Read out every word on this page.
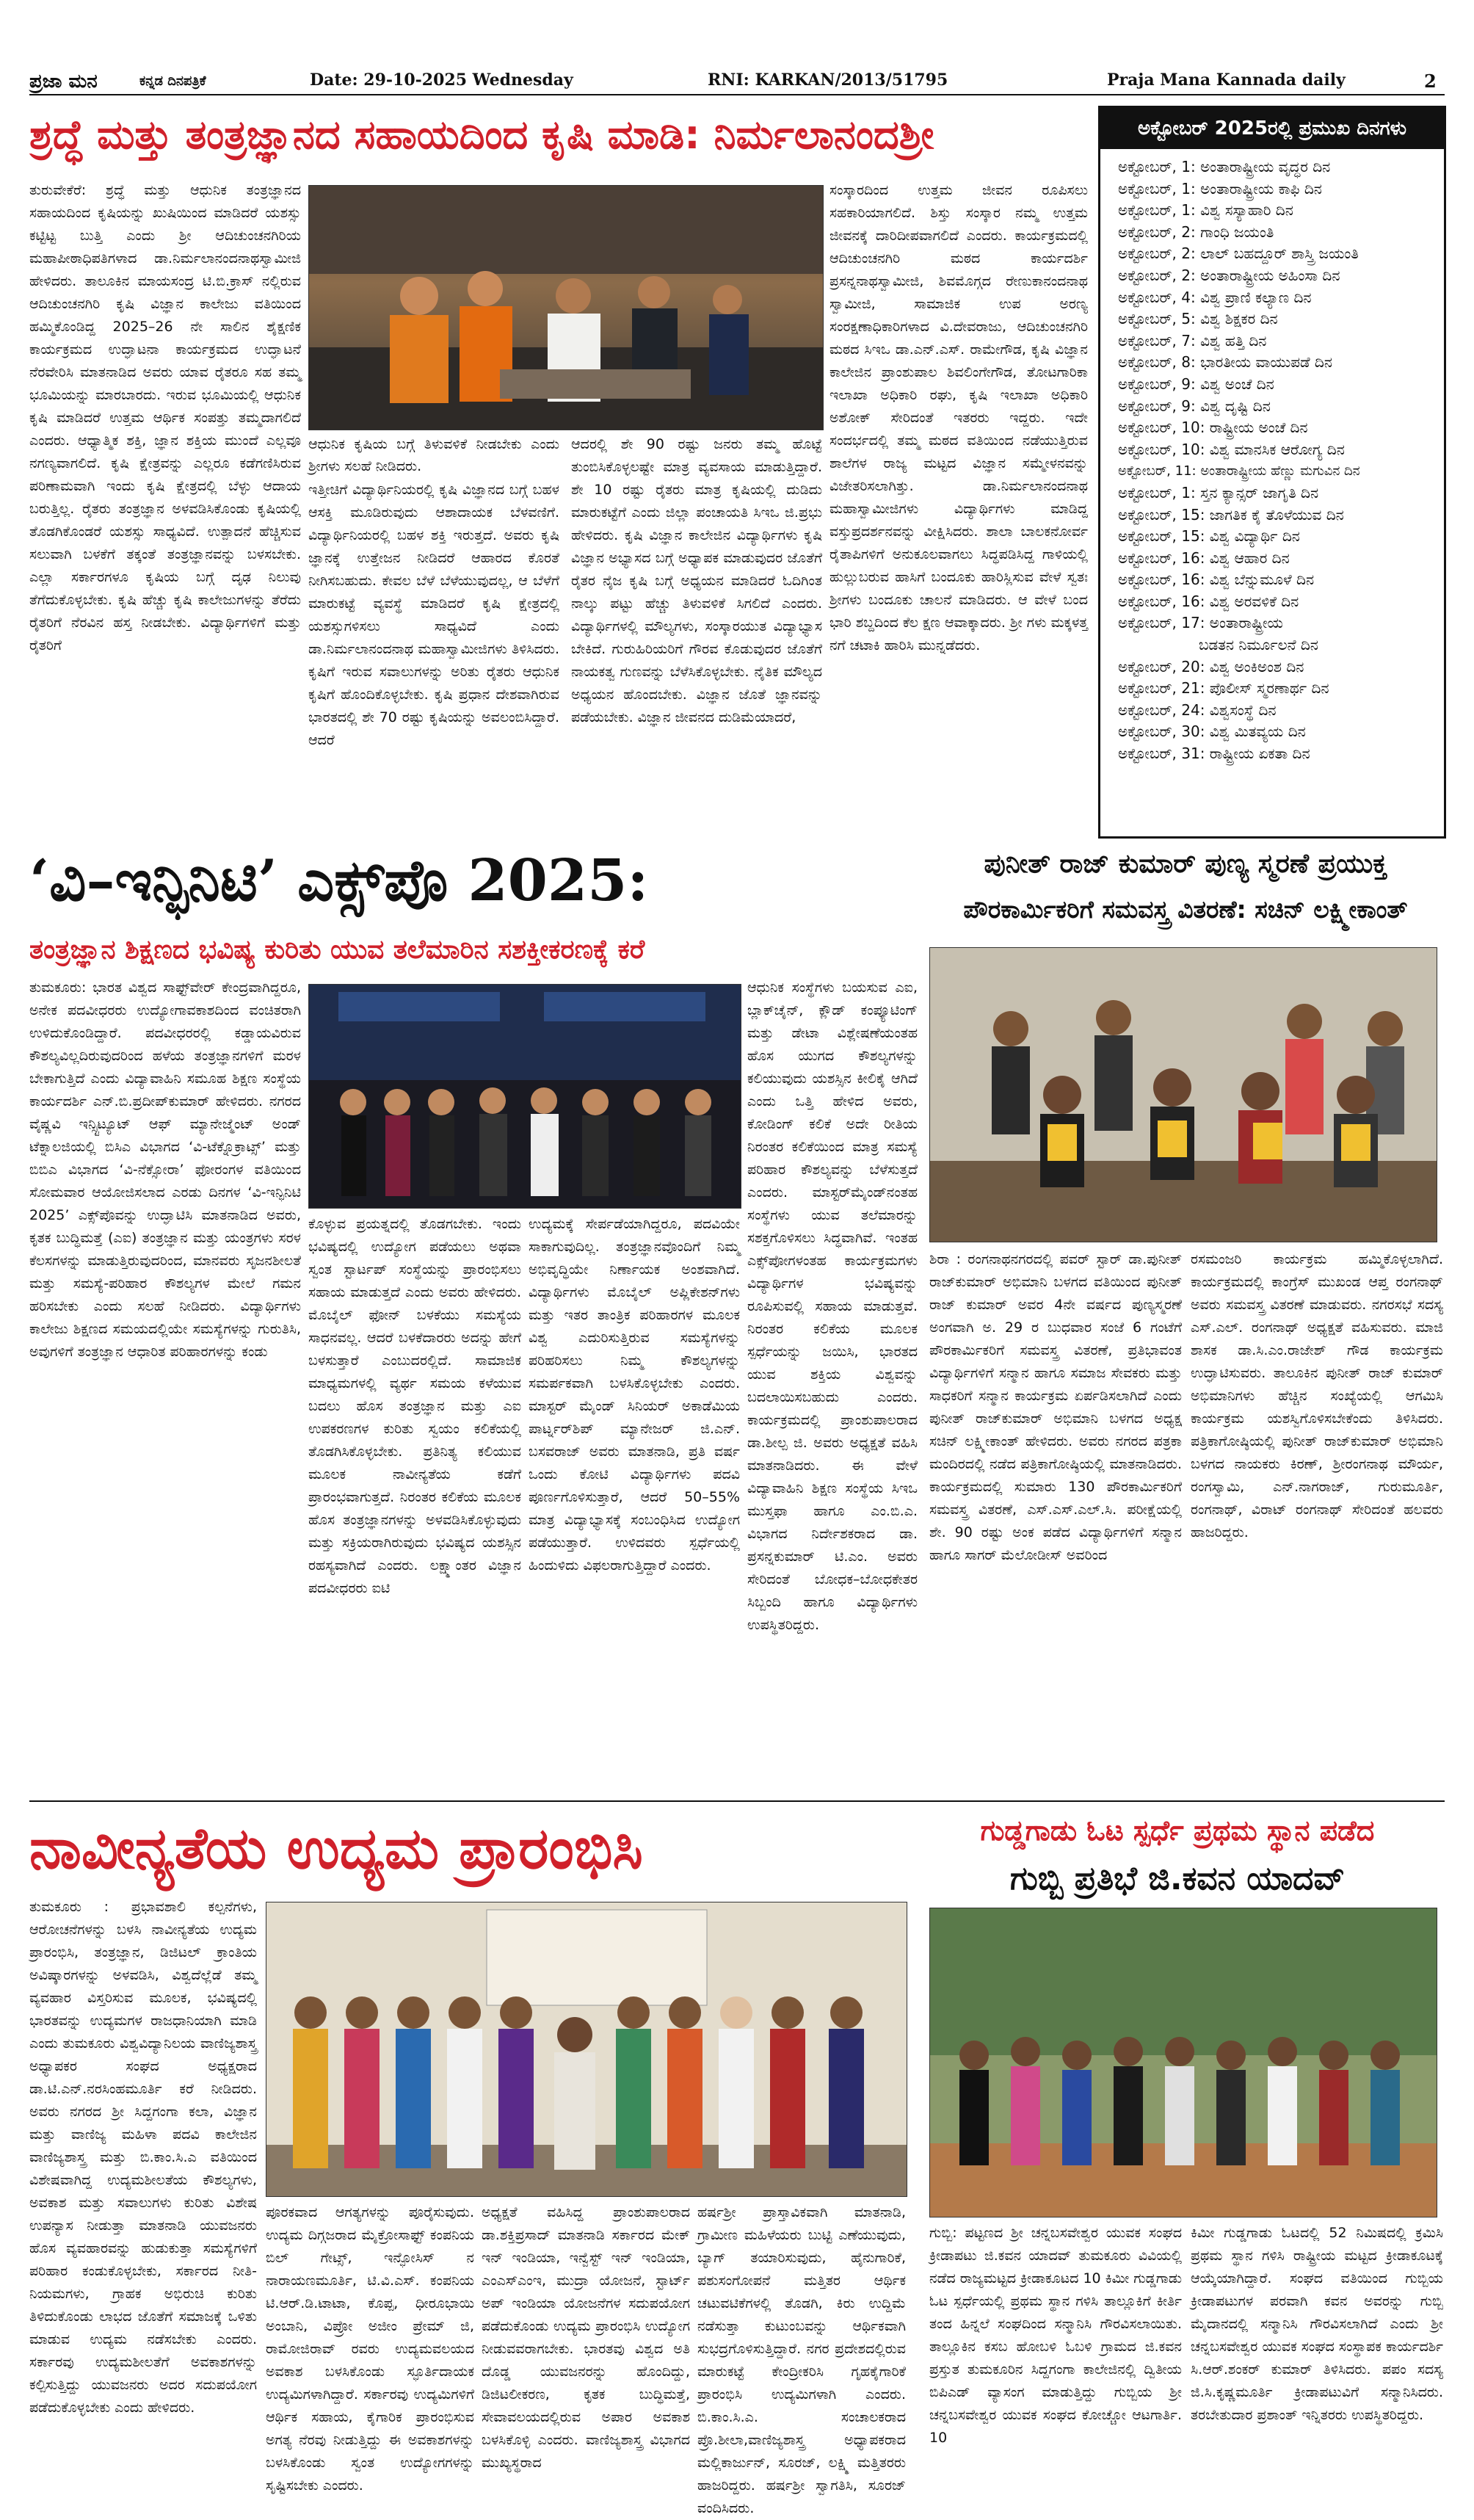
ಪ್ರಜಾ ಮನ	ಕನ್ನಡ ದಿನಪತ್ರಿಕೆ	Date: 29-10-2025 Wednesday	RNI: KARKAN/2013/51795	Praja Mana Kannada daily	2
ಶ್ರದ್ಧೆ ಮತ್ತು ತಂತ್ರಜ್ಞಾನದ ಸಹಾಯದಿಂದ ಕೃಷಿ ಮಾಡಿ: ನಿರ್ಮಲಾನಂದಶ್ರೀ
ತುರುವೇಕೆರೆ: ಶ್ರದ್ಧೆ ಮತ್ತು ಆಧುನಿಕ ತಂತ್ರಜ್ಞಾನದ ಸಹಾಯದಿಂದ ಕೃಷಿಯನ್ನು ಖುಷಿಯಿಂದ ಮಾಡಿದರೆ ಯಶಸ್ಸು ಕಟ್ಟಿಟ್ಟ ಬುತ್ತಿ ಎಂದು ಶ್ರೀ ಆದಿಚುಂಚನಗಿರಿಯ ಮಹಾಪೀಠಾಧಿಪತಿಗಳಾದ ಡಾ.ನಿರ್ಮಲಾನಂದನಾಥಸ್ವಾಮೀಜಿ ಹೇಳಿದರು. ತಾಲೂಕಿನ ಮಾಯಸಂದ್ರ ಟಿ.ಬಿ.ಕ್ರಾಸ್ ನಲ್ಲಿರುವ ಆದಿಚುಂಚನಗಿರಿ ಕೃಷಿ ವಿಜ್ಞಾನ ಕಾಲೇಜು ವತಿಯಿಂದ ಹಮ್ಮಿಕೊಂಡಿದ್ದ 2025–26 ನೇ ಸಾಲಿನ ಶೈಕ್ಷಣಿಕ ಕಾರ್ಯಕ್ರಮದ ಉದ್ಘಾಟನಾ ಕಾರ್ಯಕ್ರಮದ ಉದ್ಘಾಟನೆ ನೆರವೇರಿಸಿ ಮಾತನಾಡಿದ ಅವರು ಯಾವ ರೈತರೂ ಸಹ ತಮ್ಮ ಭೂಮಿಯನ್ನು ಮಾರಬಾರದು. ಇರುವ ಭೂಮಿಯಲ್ಲಿ ಆಧುನಿಕ ಕೃಷಿ ಮಾಡಿದರೆ ಉತ್ತಮ ಆರ್ಥಿಕ ಸಂಪತ್ತು ತಮ್ಮದಾಗಲಿದೆ ಎಂದರು. ಆಧ್ಯಾತ್ಮಿಕ ಶಕ್ತಿ, ಜ್ಞಾನ ಶಕ್ತಿಯ ಮುಂದೆ ಎಲ್ಲವೂ ನಗಣ್ಯವಾಗಲಿದೆ. ಕೃಷಿ ಕ್ಷೇತ್ರವನ್ನು ಎಲ್ಲರೂ ಕಡೆಗಣಿಸಿರುವ ಪರಿಣಾಮವಾಗಿ ಇಂದು ಕೃಷಿ ಕ್ಷೇತ್ರದಲ್ಲಿ ಬೆಳ್ಳು ಆದಾಯ ಬರುತ್ತಿಲ್ಲ. ರೈತರು ತಂತ್ರಜ್ಞಾನ ಅಳವಡಿಸಿಕೊಂಡು ಕೃಷಿಯಲ್ಲಿ ತೊಡಗಿಕೊಂಡರೆ ಯಶಸ್ಸು ಸಾಧ್ಯವಿದೆ. ಉತ್ಪಾದನೆ ಹೆಚ್ಚಿಸುವ ಸಲುವಾಗಿ ಬಳಕೆಗೆ ತಕ್ಕಂತೆ ತಂತ್ರಜ್ಞಾನವನ್ನು ಬಳಸಬೇಕು. ಎಲ್ಲಾ ಸರ್ಕಾರಗಳೂ ಕೃಷಿಯ ಬಗ್ಗೆ ದೃಢ ನಿಲುವು ತೆಗೆದುಕೊಳ್ಳಬೇಕು. ಕೃಷಿ ಹೆಚ್ಚು ಕೃಷಿ ಕಾಲೇಜುಗಳನ್ನು ತೆರೆದು ರೈತರಿಗೆ ನೆರವಿನ ಹಸ್ತ ನೀಡಬೇಕು. ವಿದ್ಯಾರ್ಥಿಗಳಿಗೆ ಮತ್ತು ರೈತರಿಗೆ
ಆಧುನಿಕ ಕೃಷಿಯ ಬಗ್ಗೆ ತಿಳುವಳಿಕೆ ನೀಡಬೇಕು ಎಂದು ಶ್ರೀಗಳು ಸಲಹೆ ನೀಡಿದರು.
ಇತ್ತೀಚಿಗೆ ವಿದ್ಯಾರ್ಥಿನಿಯರಲ್ಲಿ ಕೃಷಿ ವಿಜ್ಞಾನದ ಬಗ್ಗೆ ಬಹಳ ಆಸಕ್ತಿ ಮೂಡಿರುವುದು ಆಶಾದಾಯಕ ಬೆಳವಣಿಗೆ. ವಿದ್ಯಾರ್ಥಿನಿಯರಲ್ಲಿ ಬಹಳ ಶಕ್ತಿ ಇರುತ್ತದೆ. ಅವರು ಕೃಷಿ ಜ್ಞಾನಕ್ಕೆ ಉತ್ತೇಜನ ನೀಡಿದರೆ ಆಹಾರದ ಕೊರತೆ ನೀಗಿಸಬಹುದು. ಕೇವಲ ಬೆಳೆ ಬೆಳೆಯುವುದಲ್ಲ, ಆ ಬೆಳೆಗೆ ಮಾರುಕಟ್ಟೆ ವ್ಯವಸ್ಥೆ ಮಾಡಿದರೆ ಕೃಷಿ ಕ್ಷೇತ್ರದಲ್ಲಿ ಯಶಸ್ಸುಗಳಿಸಲು ಸಾಧ್ಯವಿದೆ ಎಂದು ಡಾ.ನಿರ್ಮಲಾನಂದನಾಥ ಮಹಾಸ್ವಾಮೀಜಿಗಳು ತಿಳಿಸಿದರು. ಕೃಷಿಗೆ ಇರುವ ಸವಾಲುಗಳನ್ನು ಅರಿತು ರೈತರು ಆಧುನಿಕ ಕೃಷಿಗೆ ಹೊಂದಿಕೊಳ್ಳಬೇಕು. ಕೃಷಿ ಪ್ರಧಾನ ದೇಶವಾಗಿರುವ ಭಾರತದಲ್ಲಿ ಶೇ 70 ರಷ್ಟು ಕೃಷಿಯನ್ನು ಅವಲಂಬಿಸಿದ್ದಾರೆ. ಆದರೆ
ಆದರಲ್ಲಿ ಶೇ 90 ರಷ್ಟು ಜನರು ತಮ್ಮ ಹೊಟ್ಟೆ ತುಂಬಿಸಿಕೊಳ್ಳಲಷ್ಟೇ ಮಾತ್ರ ವ್ಯವಸಾಯ ಮಾಡುತ್ತಿದ್ದಾರೆ. ಶೇ 10 ರಷ್ಟು ರೈತರು ಮಾತ್ರ ಕೃಷಿಯಲ್ಲಿ ದುಡಿದು ಮಾರುಕಟ್ಟೆಗೆ ಎಂದು ಜಿಲ್ಲಾ ಪಂಚಾಯತಿ ಸಿಇಒ ಜಿ.ಪ್ರಭು ಹೇಳಿದರು. ಕೃಷಿ ವಿಜ್ಞಾನ ಕಾಲೇಜಿನ ವಿದ್ಯಾರ್ಥಿಗಳು ಕೃಷಿ ವಿಜ್ಞಾನ ಅಭ್ಯಾಸದ ಬಗ್ಗೆ ಅಧ್ಯಾಪಕ ಮಾಡುವುದರ ಜೊತೆಗೆ ರೈತರ ನೈಜ ಕೃಷಿ ಬಗ್ಗೆ ಅಧ್ಯಯನ ಮಾಡಿದರೆ ಓದಿಗಿಂತ ನಾಲ್ಕು ಪಟ್ಟು ಹೆಚ್ಚು ತಿಳುವಳಿಕೆ ಸಿಗಲಿದೆ ಎಂದರು. ವಿದ್ಯಾರ್ಥಿಗಳಲ್ಲಿ ಮೌಲ್ಯಗಳು, ಸಂಸ್ಕಾರಯುತ ವಿದ್ಯಾಭ್ಯಾಸ ಬೇಕಿದೆ. ಗುರುಹಿರಿಯರಿಗೆ ಗೌರವ ಕೊಡುವುದರ ಜೊತೆಗೆ ನಾಯಕತ್ವ ಗುಣವನ್ನು ಬೆಳೆಸಿಕೊಳ್ಳಬೇಕು. ನೈತಿಕ ಮೌಲ್ಯದ ಅಧ್ಯಯನ ಹೊಂದಬೇಕು. ವಿಜ್ಞಾನ ಜೊತೆ ಜ್ಞಾನವನ್ನು ಪಡೆಯಬೇಕು. ವಿಜ್ಞಾನ ಜೀವನದ ದುಡಿಮೆಯಾದರೆ,
ಸಂಸ್ಕಾರದಿಂದ ಉತ್ತಮ ಜೀವನ ರೂಪಿಸಲು ಸಹಕಾರಿಯಾಗಲಿದೆ. ಶಿಸ್ತು ಸಂಸ್ಕಾರ ನಮ್ಮ ಉತ್ತಮ ಜೀವನಕ್ಕೆ ದಾರಿದೀಪವಾಗಲಿದೆ ಎಂದರು. ಕಾರ್ಯಕ್ರಮದಲ್ಲಿ ಆದಿಚುಂಚನಗಿರಿ ಮಠದ ಕಾರ್ಯದರ್ಶಿ ಪ್ರಸನ್ನನಾಥಸ್ವಾಮೀಜಿ, ಶಿವಮೊಗ್ಗದ ರೇಣುಕಾನಂದನಾಥ ಸ್ವಾಮೀಜಿ, ಸಾಮಾಜಿಕ ಉಪ ಅರಣ್ಯ ಸಂರಕ್ಷಣಾಧಿಕಾರಿಗಳಾದ ವಿ.ದೇವರಾಜು, ಆದಿಚುಂಚನಗಿರಿ ಮಠದ ಸಿಇಒ ಡಾ.ಎನ್.ಎಸ್. ರಾಮೇಗೌಡ, ಕೃಷಿ ವಿಜ್ಞಾನ ಕಾಲೇಜಿನ ಪ್ರಾಂಶುಪಾಲ ಶಿವಲಿಂಗೇಗೌಡ, ತೋಟಗಾರಿಕಾ ಇಲಾಖಾ ಅಧಿಕಾರಿ ರಘು, ಕೃಷಿ ಇಲಾಖಾ ಅಧಿಕಾರಿ ಅಶೋಕ್ ಸೇರಿದಂತೆ ಇತರರು ಇದ್ದರು. ಇದೇ ಸಂದರ್ಭದಲ್ಲಿ ತಮ್ಮ ಮಠದ ವತಿಯಿಂದ ನಡೆಯುತ್ತಿರುವ ಶಾಲೆಗಳ ರಾಜ್ಯ ಮಟ್ಟದ ವಿಜ್ಞಾನ ಸಮ್ಮೇಳನವನ್ನು ವಿಜೇತರಿಸಲಾಗಿತ್ತು. ಡಾ.ನಿರ್ಮಲಾನಂದನಾಥ ಮಹಾಸ್ವಾಮೀಜಿಗಳು ವಿದ್ಯಾರ್ಥಿಗಳು ಮಾಡಿದ್ದ ವಸ್ತುಪ್ರದರ್ಶನವನ್ನು ವೀಕ್ಷಿಸಿದರು. ಶಾಲಾ ಬಾಲಕನೋರ್ವ ರೈತಾಪಿಗಳಿಗೆ ಅನುಕೂಲವಾಗಲು ಸಿದ್ಧಪಡಿಸಿದ್ದ ಗಾಳಿಯಲ್ಲಿ ಹುಲ್ಲುಬರುವ ಹಾಸಿಗೆ ಬಂದೂಕು ಹಾರಿಸ್ಲಿಸುವ ವೇಳೆ ಸ್ವತಃ ಶ್ರೀಗಳು ಬಂದೂಕು ಚಾಲನೆ ಮಾಡಿದರು. ಆ ವೇಳೆ ಬಂದ ಭಾರಿ ಶಬ್ದದಿಂದ ಕೆಲ ಕ್ಷಣ ಆವಾಕ್ಕಾದರು. ಶ್ರೀ ಗಳು ಮಕ್ಕಳತ್ತ ನಗೆ ಚಟಾಕಿ ಹಾರಿಸಿ ಮುನ್ನಡೆದರು.
ಅಕ್ಟೋಬರ್ 2025ರಲ್ಲಿ ಪ್ರಮುಖ ದಿನಗಳು
ಅಕ್ಟೋಬರ್, 1: ಅಂತಾರಾಷ್ಟ್ರೀಯ ವೃದ್ಧರ ದಿನ
ಅಕ್ಟೋಬರ್, 1: ಅಂತಾರಾಷ್ಟ್ರೀಯ ಕಾಫಿ ದಿನ
ಅಕ್ಟೋಬರ್, 1: ವಿಶ್ವ ಸಸ್ಯಾಹಾರಿ ದಿನ
ಅಕ್ಟೋಬರ್, 2: ಗಾಂಧಿ ಜಯಂತಿ
ಅಕ್ಟೋಬರ್, 2: ಲಾಲ್ ಬಹದ್ದೂರ್ ಶಾಸ್ತ್ರಿ ಜಯಂತಿ
ಅಕ್ಟೋಬರ್, 2: ಅಂತಾರಾಷ್ಟ್ರೀಯ ಅಹಿಂಸಾ ದಿನ
ಅಕ್ಟೋಬರ್, 4: ವಿಶ್ವ ಪ್ರಾಣಿ ಕಲ್ಯಾಣ ದಿನ
ಅಕ್ಟೋಬರ್, 5: ವಿಶ್ವ ಶಿಕ್ಷಕರ ದಿನ
ಅಕ್ಟೋಬರ್, 7: ವಿಶ್ವ ಹತ್ತಿ ದಿನ
ಅಕ್ಟೋಬರ್, 8: ಭಾರತೀಯ ವಾಯುಪಡೆ ದಿನ
ಅಕ್ಟೋಬರ್, 9: ವಿಶ್ವ ಅಂಚೆ ದಿನ
ಅಕ್ಟೋಬರ್, 9: ವಿಶ್ವ ದೃಷ್ಟಿ ದಿನ
ಅಕ್ಟೋಬರ್, 10: ರಾಷ್ಟ್ರೀಯ ಅಂಚೆ ದಿನ
ಅಕ್ಟೋಬರ್, 10: ವಿಶ್ವ ಮಾನಸಿಕ ಆರೋಗ್ಯ ದಿನ
ಅಕ್ಟೋಬರ್, 11: ಅಂತಾರಾಷ್ಟ್ರೀಯ ಹೆಣ್ಣು ಮಗುವಿನ ದಿನ
ಅಕ್ಟೋಬರ್, 1: ಸ್ತನ ಕ್ಯಾನ್ಸರ್ ಜಾಗೃತಿ ದಿನ
ಅಕ್ಟೋಬರ್, 15: ಜಾಗತಿಕ ಕೈ ತೊಳೆಯುವ ದಿನ
ಅಕ್ಟೋಬರ್, 15: ವಿಶ್ವ ವಿದ್ಯಾರ್ಥಿ ದಿನ
ಅಕ್ಟೋಬರ್, 16: ವಿಶ್ವ ಆಹಾರ ದಿನ
ಅಕ್ಟೋಬರ್, 16: ವಿಶ್ವ ಬೆನ್ನುಮೂಳೆ ದಿನ
ಅಕ್ಟೋಬರ್, 16: ವಿಶ್ವ ಅರವಳಿಕೆ ದಿನ
ಅಕ್ಟೋಬರ್, 17: ಅಂತಾರಾಷ್ಟ್ರೀಯ
ಬಡತನ ನಿರ್ಮೂಲನೆ ದಿನ
ಅಕ್ಟೋಬರ್, 20: ವಿಶ್ವ ಅಂಕಿಅಂಶ ದಿನ
ಅಕ್ಟೋಬರ್, 21: ಪೊಲೀಸ್ ಸ್ಮರಣಾರ್ಥ ದಿನ
ಅಕ್ಟೋಬರ್, 24: ವಿಶ್ವಸಂಸ್ಥೆ ದಿನ
ಅಕ್ಟೋಬರ್, 30: ವಿಶ್ವ ಮಿತವ್ಯಯ ದಿನ
ಅಕ್ಟೋಬರ್, 31: ರಾಷ್ಟ್ರೀಯ ಏಕತಾ ದಿನ
‘ವಿ–ಇನ್ಫಿನಿಟಿ’ ಎಕ್ಸ್‌ಪೊ 2025:
ತಂತ್ರಜ್ಞಾನ ಶಿಕ್ಷಣದ ಭವಿಷ್ಯ ಕುರಿತು ಯುವ ತಲೆಮಾರಿನ ಸಶಕ್ತೀಕರಣಕ್ಕೆ ಕರೆ
ತುಮಕೂರು: ಭಾರತ ವಿಶ್ವದ ಸಾಫ್ಟ್‌ವೇರ್ ಕೇಂದ್ರವಾಗಿದ್ದರೂ, ಅನೇಕ ಪದವೀಧರರು ಉದ್ಯೋಗಾವಕಾಶದಿಂದ ವಂಚಿತರಾಗಿ ಉಳಿದುಕೊಂಡಿದ್ದಾರೆ. ಪದವೀಧರರಲ್ಲಿ ಕಡ್ಡಾಯವಿರುವ ಕೌಶಲ್ಯವಿಲ್ಲದಿರುವುದರಿಂದ ಹಳೆಯ ತಂತ್ರಜ್ಞಾನಗಳಿಗೆ ಮರಳ ಬೇಕಾಗುತ್ತಿದೆ ಎಂದು ವಿದ್ಯಾವಾಹಿನಿ ಸಮೂಹ ಶಿಕ್ಷಣ ಸಂಸ್ಥೆಯ ಕಾರ್ಯದರ್ಶಿ ಎನ್.ಬಿ.ಪ್ರದೀಪ್‌ಕುಮಾರ್ ಹೇಳಿದರು. ನಗರದ ವೈಷ್ಣವಿ ಇನ್ಸ್ಟಿಟ್ಯೂಟ್ ಆಫ್ ಮ್ಯಾನೇಜ್ಮೆಂಟ್ ಅಂಡ್ ಟೆಕ್ನಾಲಜಿಯಲ್ಲಿ ಬಿಸಿಎ ವಿಭಾಗದ ‘ವಿ-ಟೆಕ್ನೊಕ್ರಾಟ್ಸ್’ ಮತ್ತು ಬಿಬಿಎ ವಿಭಾಗದ ‘ವಿ-ನೆಕ್ಸೋರಾ’ ಫೋರಂಗಳ ವತಿಯಿಂದ ಸೋಮವಾರ ಆಯೋಜಿಸಲಾದ ಎರಡು ದಿನಗಳ ‘ವಿ-ಇನ್ಫಿನಿಟಿ 2025’ ಎಕ್ಸ್‌ಪೊವನ್ನು ಉದ್ಘಾಟಿಸಿ ಮಾತನಾಡಿದ ಅವರು, ಕೃತಕ ಬುದ್ಧಿಮತ್ತೆ (ಎಐ) ತಂತ್ರಜ್ಞಾನ ಮತ್ತು ಯಂತ್ರಗಳು ಸರಳ ಕೆಲಸಗಳನ್ನು ಮಾಡುತ್ತಿರುವುದರಿಂದ, ಮಾನವರು ಸೃಜನಶೀಲತೆ ಮತ್ತು ಸಮಸ್ಯೆ-ಪರಿಹಾರ ಕೌಶಲ್ಯಗಳ ಮೇಲೆ ಗಮನ ಹರಿಸಬೇಕು ಎಂದು ಸಲಹೆ ನೀಡಿದರು. ವಿದ್ಯಾರ್ಥಿಗಳು ಕಾಲೇಜು ಶಿಕ್ಷಣದ ಸಮಯದಲ್ಲಿಯೇ ಸಮಸ್ಯೆಗಳನ್ನು ಗುರುತಿಸಿ, ಅವುಗಳಿಗೆ ತಂತ್ರಜ್ಞಾನ ಆಧಾರಿತ ಪರಿಹಾರಗಳನ್ನು ಕಂಡು
ಕೊಳ್ಳುವ ಪ್ರಯತ್ನದಲ್ಲಿ ತೊಡಗಬೇಕು. ಇಂದು ಭವಿಷ್ಯದಲ್ಲಿ ಉದ್ಯೋಗ ಪಡೆಯಲು ಅಥವಾ ಸ್ವಂತ ಸ್ಟಾರ್ಟಪ್ ಸಂಸ್ಥೆಯನ್ನು ಪ್ರಾರಂಭಿಸಲು ಸಹಾಯ ಮಾಡುತ್ತದೆ ಎಂದು ಅವರು ಹೇಳಿದರು. ಮೊಬೈಲ್ ಫೋನ್ ಬಳಕೆಯು ಸಮಸ್ಯೆಯ ಸಾಧನವಲ್ಲ. ಆದರೆ ಬಳಕೆದಾರರು ಅದನ್ನು ಹೇಗೆ ಬಳಸುತ್ತಾರೆ ಎಂಬುದರಲ್ಲಿದೆ. ಸಾಮಾಜಿಕ ಮಾಧ್ಯಮಗಳಲ್ಲಿ ವ್ಯರ್ಥ ಸಮಯ ಕಳೆಯುವ ಬದಲು ಹೊಸ ತಂತ್ರಜ್ಞಾನ ಮತ್ತು ಎಐ ಉಪಕರಣಗಳ ಕುರಿತು ಸ್ವಯಂ ಕಲಿಕೆಯಲ್ಲಿ ತೊಡಗಿಸಿಕೊಳ್ಳಬೇಕು. ಪ್ರತಿನಿತ್ಯ ಕಲಿಯುವ ಮೂಲಕ ನಾವೀನ್ಯತೆಯ ಕಡೆಗೆ ಪ್ರಾರಂಭವಾಗುತ್ತದೆ. ನಿರಂತರ ಕಲಿಕೆಯ ಮೂಲಕ ಹೊಸ ತಂತ್ರಜ್ಞಾನಗಳನ್ನು ಅಳವಡಿಸಿಕೊಳ್ಳುವುದು ಮತ್ತು ಸಕ್ರಿಯರಾಗಿರುವುದು ಭವಿಷ್ಯದ ಯಶಸ್ಸಿನ ರಹಸ್ಯವಾಗಿದೆ ಎಂದರು. ಲಕ್ಷ್ಮಾಂತರ ವಿಜ್ಞಾನ ಪದವೀಧರರು ಐಟಿ
ಉದ್ಯಮಕ್ಕೆ ಸೇರ್ಪಡೆಯಾಗಿದ್ದರೂ, ಪದವಿಯೇ ಸಾಕಾಗುವುದಿಲ್ಲ. ತಂತ್ರಜ್ಞಾನವೊಂದಿಗೆ ನಿಮ್ಮ ಅಭಿವೃದ್ಧಿಯೇ ನಿರ್ಣಾಯಕ ಅಂಶವಾಗಿದೆ. ವಿದ್ಯಾರ್ಥಿಗಳು ಮೊಬೈಲ್ ಅಪ್ಲಿಕೇಶನ್‌ಗಳು ಮತ್ತು ಇತರ ತಾಂತ್ರಿಕ ಪರಿಹಾರಗಳ ಮೂಲಕ ವಿಶ್ವ ಎದುರಿಸುತ್ತಿರುವ ಸಮಸ್ಯೆಗಳನ್ನು ಪರಿಹರಿಸಲು ನಿಮ್ಮ ಕೌಶಲ್ಯಗಳನ್ನು ಸಮರ್ಪಕವಾಗಿ ಬಳಸಿಕೊಳ್ಳಬೇಕು ಎಂದರು. ಮಾಸ್ಟರ್ ಮೈಂಡ್ ಸಿನಿಯರ್ ಅಕಾಡೆಮಿಯ ಪಾರ್ಟ್ನರ್‌ಶಿಪ್ ಮ್ಯಾನೇಜರ್ ಜಿ.ಎನ್. ಬಸವರಾಜ್ ಅವರು ಮಾತನಾಡಿ, ಪ್ರತಿ ವರ್ಷ ಒಂದು ಕೋಟಿ ವಿದ್ಯಾರ್ಥಿಗಳು ಪದವಿ ಪೂರ್ಣಗೊಳಿಸುತ್ತಾರೆ, ಆದರೆ 50–55% ಮಾತ್ರ ವಿದ್ಯಾಭ್ಯಾಸಕ್ಕೆ ಸಂಬಂಧಿಸಿದ ಉದ್ಯೋಗ ಪಡೆಯುತ್ತಾರೆ. ಉಳಿದವರು ಸ್ಪರ್ಧೆಯಲ್ಲಿ ಹಿಂದುಳಿದು ವಿಫಲರಾಗುತ್ತಿದ್ದಾರೆ ಎಂದರು.
ಆಧುನಿಕ ಸಂಸ್ಥೆಗಳು ಬಯಸುವ ಎಐ, ಬ್ಲಾಕ್‌ಚೈನ್, ಕ್ಲೌಡ್ ಕಂಪ್ಯೂಟಿಂಗ್ ಮತ್ತು ಡೇಟಾ ವಿಶ್ಲೇಷಣೆಯಂತಹ ಹೊಸ ಯುಗದ ಕೌಶಲ್ಯಗಳನ್ನು ಕಲಿಯುವುದು ಯಶಸ್ಸಿನ ಕೀಲಿಕೈ ಆಗಿದೆ ಎಂದು ಒತ್ತಿ ಹೇಳಿದ ಅವರು, ಕೋಡಿಂಗ್ ಕಲಿಕೆ ಅದೇ ರೀತಿಯ ನಿರಂತರ ಕಲಿಕೆಯಿಂದ ಮಾತ್ರ ಸಮಸ್ಯೆ ಪರಿಹಾರ ಕೌಶಲ್ಯವನ್ನು ಬೆಳೆಸುತ್ತದೆ ಎಂದರು. ಮಾಸ್ಟರ್‌ಮೈಂಡ್‌ನಂತಹ ಸಂಸ್ಥೆಗಳು ಯುವ ತಲೆಮಾರನ್ನು ಸಶಕ್ತಗೊಳಿಸಲು ಸಿದ್ಧವಾಗಿವೆ. ಇಂತಹ ಎಕ್ಸ್‌ಪೋಗಳಂತಹ ಕಾರ್ಯಕ್ರಮಗಳು ವಿದ್ಯಾರ್ಥಿಗಳ ಭವಿಷ್ಯವನ್ನು ರೂಪಿಸುವಲ್ಲಿ ಸಹಾಯ ಮಾಡುತ್ತವೆ. ನಿರಂತರ ಕಲಿಕೆಯ ಮೂಲಕ ಸ್ಪರ್ಧೆಯನ್ನು ಜಯಿಸಿ, ಭಾರತದ ಯುವ ಶಕ್ತಿಯ ವಿಶ್ವವನ್ನು ಬದಲಾಯಿಸಬಹುದು ಎಂದರು. ಕಾರ್ಯಕ್ರಮದಲ್ಲಿ ಪ್ರಾಂಶುಪಾಲರಾದ ಡಾ.ಶೀಲ್ಪ ಜಿ. ಅವರು ಅಧ್ಯಕ್ಷತೆ ವಹಿಸಿ ಮಾತನಾಡಿದರು. ಈ ವೇಳೆ ವಿದ್ಯಾವಾಹಿನಿ ಶಿಕ್ಷಣ ಸಂಸ್ಥೆಯ ಸಿಇಒ ಮುಸ್ತಫಾ ಹಾಗೂ ಎಂ.ಬಿ.ಎ. ವಿಭಾಗದ ನಿರ್ದೇಶಕರಾದ ಡಾ. ಪ್ರಸನ್ನಕುಮಾರ್ ಟಿ.ಎಂ. ಅವರು ಸೇರಿದಂತೆ ಬೋಧಕ–ಬೋಧಕೇತರ ಸಿಬ್ಬಂದಿ ಹಾಗೂ ವಿದ್ಯಾರ್ಥಿಗಳು ಉಪಸ್ಥಿತರಿದ್ದರು.
ಪುನೀತ್ ರಾಜ್ ಕುಮಾರ್ ಪುಣ್ಯ ಸ್ಮರಣೆ ಪ್ರಯುಕ್ತ
ಪೌರಕಾರ್ಮಿಕರಿಗೆ ಸಮವಸ್ತ್ರ ವಿತರಣೆ: ಸಚಿನ್ ಲಕ್ಷ್ಮೀಕಾಂತ್
ಶಿರಾ : ರಂಗನಾಥನಗರದಲ್ಲಿ ಪವರ್ ಸ್ಟಾರ್ ಡಾ.ಪುನೀತ್ ರಾಜ್‌ಕುಮಾರ್ ಅಭಿಮಾನಿ ಬಳಗದ ವತಿಯಿಂದ ಪುನೀತ್ ರಾಜ್ ಕುಮಾರ್ ಅವರ 4ನೇ ವರ್ಷದ ಪುಣ್ಯಸ್ಮರಣೆ ಅಂಗವಾಗಿ ಅ. 29 ರ ಬುಧವಾರ ಸಂಜೆ 6 ಗಂಟೆಗೆ ಪೌರಕಾರ್ಮಿಕರಿಗೆ ಸಮವಸ್ತ್ರ ವಿತರಣೆ, ಪ್ರತಿಭಾವಂತ ವಿದ್ಯಾರ್ಥಿಗಳಿಗೆ ಸನ್ಮಾನ ಹಾಗೂ ಸಮಾಜ ಸೇವಕರು ಮತ್ತು ಸಾಧಕರಿಗೆ ಸನ್ಮಾನ ಕಾರ್ಯಕ್ರಮ ಏರ್ಪಡಿಸಲಾಗಿದೆ ಎಂದು ಪುನೀತ್ ರಾಜ್‌ಕುಮಾರ್ ಅಭಿಮಾನಿ ಬಳಗದ ಅಧ್ಯಕ್ಷ ಸಚಿನ್ ಲಕ್ಷ್ಮೀಕಾಂತ್ ಹೇಳಿದರು. ಅವರು ನಗರದ ಪತ್ರಕಾ ಮಂದಿರದಲ್ಲಿ ನಡೆದ ಪತ್ರಿಕಾಗೋಷ್ಠಿಯಲ್ಲಿ ಮಾತನಾಡಿದರು. ಕಾರ್ಯಕ್ರಮದಲ್ಲಿ ಸುಮಾರು 130 ಪೌರಕಾರ್ಮಿಕರಿಗೆ ಸಮವಸ್ತ್ರ ವಿತರಣೆ, ಎಸ್.ಎಸ್.ಎಲ್.ಸಿ. ಪರೀಕ್ಷೆಯಲ್ಲಿ ಶೇ. 90 ರಷ್ಟು ಅಂಕ ಪಡೆದ ವಿದ್ಯಾರ್ಥಿಗಳಿಗೆ ಸನ್ಮಾನ ಹಾಗೂ ಸಾಗರ್ ಮೆಲೋಡೀಸ್ ಅವರಿಂದ
ರಸಮಂಜರಿ ಕಾರ್ಯಕ್ರಮ ಹಮ್ಮಿಕೊಳ್ಳಲಾಗಿದೆ. ಕಾರ್ಯಕ್ರಮದಲ್ಲಿ ಕಾಂಗ್ರೆಸ್ ಮುಖಂಡ ಆಪ್ತ ರಂಗನಾಥ್ ಅವರು ಸಮವಸ್ತ್ರ ವಿತರಣೆ ಮಾಡುವರು. ನಗರಸಭೆ ಸದಸ್ಯ ಎಸ್.ಎಲ್. ರಂಗನಾಥ್ ಅಧ್ಯಕ್ಷತೆ ವಹಿಸುವರು. ಮಾಜಿ ಶಾಸಕ ಡಾ.ಸಿ.ಎಂ.ರಾಜೇಶ್ ಗೌಡ ಕಾರ್ಯಕ್ರಮ ಉದ್ಘಾಟಿಸುವರು. ತಾಲೂಕಿನ ಪುನೀತ್ ರಾಜ್ ಕುಮಾರ್ ಅಭಿಮಾನಿಗಳು ಹೆಚ್ಚಿನ ಸಂಖ್ಯೆಯಲ್ಲಿ ಆಗಮಿಸಿ ಕಾರ್ಯಕ್ರಮ ಯಶಸ್ವಿಗೊಳಿಸಬೇಕೆಂದು ತಿಳಿಸಿದರು. ಪತ್ರಿಕಾಗೋಷ್ಠಿಯಲ್ಲಿ ಪುನೀತ್ ರಾಜ್‌ಕುಮಾರ್ ಅಭಿಮಾನಿ ಬಳಗದ ನಾಯಕರು ಕಿರಣ್, ಶ್ರೀರಂಗನಾಥ ಮೌರ್ಯ, ರಂಗಸ್ವಾಮಿ, ಎನ್.ನಾಗರಾಜ್, ಗುರುಮೂರ್ತಿ, ರಂಗನಾಥ್, ವಿರಾಟ್ ರಂಗನಾಥ್ ಸೇರಿದಂತೆ ಹಲವರು ಹಾಜರಿದ್ದರು.
ನಾವೀನ್ಯತೆಯ ಉದ್ಯಮ ಪ್ರಾರಂಭಿಸಿ
ತುಮಕೂರು : ಪ್ರಭಾವಶಾಲಿ ಕಲ್ಪನೆಗಳು, ಆರೋಚನೆಗಳನ್ನು ಬಳಸಿ ನಾವೀನ್ಯತೆಯ ಉದ್ಯಮ ಪ್ರಾರಂಭಿಸಿ, ತಂತ್ರಜ್ಞಾನ, ಡಿಜಿಟಲ್ ಕ್ರಾಂತಿಯ ಅವಿಷ್ಕಾರಗಳನ್ನು ಅಳವಡಿಸಿ, ವಿಶ್ವದೆಲ್ಲೆಡೆ ತಮ್ಮ ವ್ಯವಹಾರ ವಿಸ್ತರಿಸುವ ಮೂಲಕ, ಭವಿಷ್ಯದಲ್ಲಿ ಭಾರತವನ್ನು ಉದ್ಯಮಗಳ ರಾಜಧಾನಿಯಾಗಿ ಮಾಡಿ ಎಂದು ತುಮಕೂರು ವಿಶ್ವವಿದ್ಯಾನಿಲಯ ವಾಣಿಜ್ಯಶಾಸ್ತ್ರ ಅಧ್ಯಾಪಕರ ಸಂಘದ ಅಧ್ಯಕ್ಷರಾದ ಡಾ.ಟಿ.ಎನ್.ನರಸಿಂಹಮೂರ್ತಿ ಕರೆ ನೀಡಿದರು. ಅವರು ನಗರದ ಶ್ರೀ ಸಿದ್ದಗಂಗಾ ಕಲಾ, ವಿಜ್ಞಾನ ಮತ್ತು ವಾಣಿಜ್ಯ ಮಹಿಳಾ ಪದವಿ ಕಾಲೇಜಿನ ವಾಣಿಜ್ಯಶಾಸ್ತ್ರ ಮತ್ತು ಬಿ.ಕಾಂ.ಸಿ.ಎ ವತಿಯಿಂದ ವಿಶೇಷವಾಗಿದ್ದ ಉದ್ಯಮಶೀಲತೆಯ ಕೌಶಲ್ಯಗಳು, ಅವಕಾಶ ಮತ್ತು ಸವಾಲುಗಳು ಕುರಿತು ವಿಶೇಷ ಉಪನ್ಯಾಸ ನೀಡುತ್ತಾ ಮಾತನಾಡಿ ಯುವಜನರು ಹೊಸ ವ್ಯವಹಾರವನ್ನು ಹುಡುಕುತ್ತಾ ಸಮಸ್ಯೆಗಳಿಗೆ ಪರಿಹಾರ ಕಂಡುಕೊಳ್ಳಬೇಕು, ಸರ್ಕಾರದ ನೀತಿ-ನಿಯಮಗಳು, ಗ್ರಾಹಕ ಅಭಿರುಚಿ ಕುರಿತು ತಿಳಿದುಕೊಂಡು ಲಾಭದ ಜೊತೆಗೆ ಸಮಾಜಕ್ಕೆ ಒಳಿತು ಮಾಡುವ ಉದ್ಯಮ ನಡೆಸಬೇಕು ಎಂದರು. ಸರ್ಕಾರವು ಉದ್ಯಮಶೀಲತೆಗೆ ಅವಕಾಶಗಳನ್ನು ಕಲ್ಪಿಸುತ್ತಿದ್ದು ಯುವಜನರು ಅದರ ಸದುಪಯೋಗ ಪಡೆದುಕೊಳ್ಳಬೇಕು ಎಂದು ಹೇಳಿದರು.
ಪೂರಕವಾದ ಆಗತ್ಯಗಳನ್ನು ಪೂರೈಸುವುದು. ಉದ್ಯಮ ದಿಗ್ಗಜರಾದ ಮೈಕ್ರೋಸಾಫ್ಟ್ ಕಂಪನಿಯ ಬಿಲ್ ಗೇಟ್ಸ್, ಇನ್ಫೋಸಿಸ್ ನ ನಾರಾಯಣಮೂರ್ತಿ, ಟಿ.ವಿ.ಎಸ್. ಕಂಪನಿಯ ಟಿ.ಆರ್.ಡಿ.ಟಾಟಾ, ಕೊಪ್ಪ, ಧೀರೂಭಾಯಿ ಅಂಬಾನಿ, ವಿಪ್ರೋ ಅಜೀಂ ಪ್ರೇಮ್ ಜಿ, ರಾಮೋಜಿರಾವ್ ರವರು ಉದ್ಯಮವಲಯದ ಅವಕಾಶ ಬಳಸಿಕೊಂಡು ಸ್ಫೂರ್ತಿದಾಯಕ ಉದ್ಯಮಿಗಳಾಗಿದ್ದಾರೆ. ಸರ್ಕಾರವು ಉದ್ಯಮಿಗಳಿಗೆ ಆರ್ಥಿಕ ಸಹಾಯ, ಕೈಗಾರಿಕ ಪ್ರಾರಂಭಿಸುವ ಅಗತ್ಯ ನೆರವು ನೀಡುತ್ತಿದ್ದು ಈ ಅವಕಾಶಗಳನ್ನು ಬಳಸಿಕೊಂಡು ಸ್ವಂತ ಉದ್ಯೋಗಗಳನ್ನು ಸೃಷ್ಟಿಸಬೇಕು ಎಂದರು.
ಅಧ್ಯಕ್ಷತೆ ವಹಿಸಿದ್ದ ಪ್ರಾಂಶುಪಾಲರಾದ ಡಾ.ಶಕ್ತಿಪ್ರಸಾದ್ ಮಾತನಾಡಿ ಸರ್ಕಾರದ ಮೇಕ್ ಇನ್ ಇಂಡಿಯಾ, ಇನ್ವೆಸ್ಟ್ ಇನ್ ಇಂಡಿಯಾ, ಎಂಎಸ್ಎಂಇ, ಮುದ್ರಾ ಯೋಜನೆ, ಸ್ಟಾರ್ಟ್ ಅಪ್ ಇಂಡಿಯಾ ಯೋಜನೆಗಳ ಸದುಪಯೋಗ ಪಡೆದುಕೊಂಡು ಉದ್ಯಮ ಪ್ರಾರಂಭಿಸಿ ಉದ್ಯೋಗ ನೀಡುವವರಾಗಬೇಕು. ಭಾರತವು ವಿಶ್ವದ ಅತಿ ದೊಡ್ಡ ಯುವಜನರನ್ನು ಹೊಂದಿದ್ದು, ಡಿಜಿಟಲೀಕರಣ, ಕೃತಕ ಬುದ್ಧಿಮತ್ತೆ, ಸೇವಾವಲಯದಲ್ಲಿರುವ ಅಪಾರ ಅವಕಾಶ ಬಳಸಿಕೊಳ್ಳಿ ಎಂದರು. ವಾಣಿಜ್ಯಶಾಸ್ತ್ರ ವಿಭಾಗದ ಮುಖ್ಯಸ್ಥರಾದ
ಹರ್ಷಶ್ರೀ ಪ್ರಾಸ್ತಾವಿಕವಾಗಿ ಮಾತನಾಡಿ, ಗ್ರಾಮೀಣ ಮಹಿಳೆಯರು ಬುಟ್ಟಿ ಎಣೆಯುವುದು, ಬ್ಯಾಗ್ ತಯಾರಿಸುವುದು, ಹೈನುಗಾರಿಕೆ, ಪಶುಸಂಗೋಪನೆ ಮತ್ತಿತರ ಆರ್ಥಿಕ ಚಟುವಟಿಕೆಗಳಲ್ಲಿ ತೊಡಗಿ, ಕಿರು ಉದ್ದಿಮೆ ನಡೆಸುತ್ತಾ ಕುಟುಂಬವನ್ನು ಆರ್ಥಿಕವಾಗಿ ಸುಭದ್ರಗೊಳಿಸುತ್ತಿದ್ದಾರೆ. ನಗರ ಪ್ರದೇಶದಲ್ಲಿರುವ ಮಾರುಕಟ್ಟೆ ಕೇಂದ್ರೀಕರಿಸಿ ಗೃಹಕೈಗಾರಿಕೆ ಪ್ರಾರಂಭಿಸಿ ಉದ್ಯಮಿಗಳಾಗಿ ಎಂದರು. ಬಿ.ಕಾಂ.ಸಿ.ಎ. ಸಂಚಾಲಕರಾದ ಪ್ರೊ.ಶೀಲಾ,ವಾಣಿಜ್ಯಶಾಸ್ತ್ರ ಅಧ್ಯಾಪಕರಾದ ಮಲ್ಲಿಕಾರ್ಜುನ್, ಸೂರಜ್, ಲಕ್ಷ್ಮಿ ಮತ್ತಿತರರು ಹಾಜರಿದ್ದರು. ಹರ್ಷಶ್ರೀ ಸ್ವಾಗತಿಸಿ, ಸೂರಜ್ ವಂದಿಸಿದರು.
ಗುಡ್ಡಗಾಡು ಓಟ ಸ್ಪರ್ಧೆ ಪ್ರಥಮ ಸ್ಥಾನ ಪಡೆದ
ಗುಬ್ಬಿ ಪ್ರತಿಭೆ ಜಿ.ಕವನ ಯಾದವ್
ಗುಬ್ಬಿ: ಪಟ್ಟಣದ ಶ್ರೀ ಚನ್ನಬಸವೇಶ್ವರ ಯುವಕ ಸಂಘದ ಕ್ರೀಡಾಪಟು ಜಿ.ಕವನ ಯಾದವ್ ತುಮಕೂರು ವಿವಿಯಲ್ಲಿ ನಡೆದ ರಾಜ್ಯಮಟ್ಟದ ಕ್ರೀಡಾಕೂಟದ 10 ಕಿಮೀ ಗುಡ್ಡಗಾಡು ಓಟ ಸ್ಪರ್ಧೆಯಲ್ಲಿ ಪ್ರಥಮ ಸ್ಥಾನ ಗಳಿಸಿ ತಾಲ್ಲೂಕಿಗೆ ಕೀರ್ತಿ ತಂದ ಹಿನ್ನಲೆ ಸಂಘದಿಂದ ಸನ್ಮಾನಿಸಿ ಗೌರವಿಸಲಾಯಿತು. ತಾಲ್ಲೂಕಿನ ಕಸಬ ಹೋಬಳಿ ಓಬಳಿ ಗ್ರಾಮದ ಜಿ.ಕವನ ಪ್ರಸ್ತುತ ತುಮಕೂರಿನ ಸಿದ್ದಗಂಗಾ ಕಾಲೇಜಿನಲ್ಲಿ ದ್ವಿತೀಯ ಬಿಪಿಎಡ್ ವ್ಯಾಸಂಗ ಮಾಡುತ್ತಿದ್ದು ಗುಬ್ಬಿಯ ಶ್ರೀ ಚನ್ನಬಸವೇಶ್ವರ ಯುವಕ ಸಂಘದ ಕೋಚ್ಚೋ ಆಟಗಾರ್ತಿ. 10
ಕಿಮೀ ಗುಡ್ಡಗಾಡು ಓಟದಲ್ಲಿ 52 ನಿಮಿಷದಲ್ಲಿ ಕ್ರಮಿಸಿ ಪ್ರಥಮ ಸ್ಥಾನ ಗಳಿಸಿ ರಾಷ್ಟ್ರೀಯ ಮಟ್ಟದ ಕ್ರೀಡಾಕೂಟಕ್ಕೆ ಆಯ್ಕೆಯಾಗಿದ್ದಾರೆ. ಸಂಘದ ವತಿಯಿಂದ ಗುಬ್ಬಿಯ ಕ್ರೀಡಾಪಟುಗಳ ಪರವಾಗಿ ಕವನ ಅವರನ್ನು ಗುಬ್ಬಿ ಮೈದಾನದಲ್ಲಿ ಸನ್ಮಾನಿಸಿ ಗೌರವಿಸಲಾಗಿದೆ ಎಂದು ಶ್ರೀ ಚನ್ನಬಸವೇಶ್ವರ ಯುವಕ ಸಂಘದ ಸಂಸ್ಥಾಪಕ ಕಾರ್ಯದರ್ಶಿ ಸಿ.ಆರ್.ಶಂಕರ್ ಕುಮಾರ್ ತಿಳಿಸಿದರು. ಪಪಂ ಸದಸ್ಯ ಜಿ.ಸಿ.ಕೃಷ್ಣಮೂರ್ತಿ ಕ್ರೀಡಾಪಟುವಿಗೆ ಸನ್ಮಾನಿಸಿದರು. ತರಬೇತುದಾರ ಪ್ರಶಾಂತ್ ಇನ್ನಿತರರು ಉಪಸ್ಥಿತರಿದ್ದರು.
